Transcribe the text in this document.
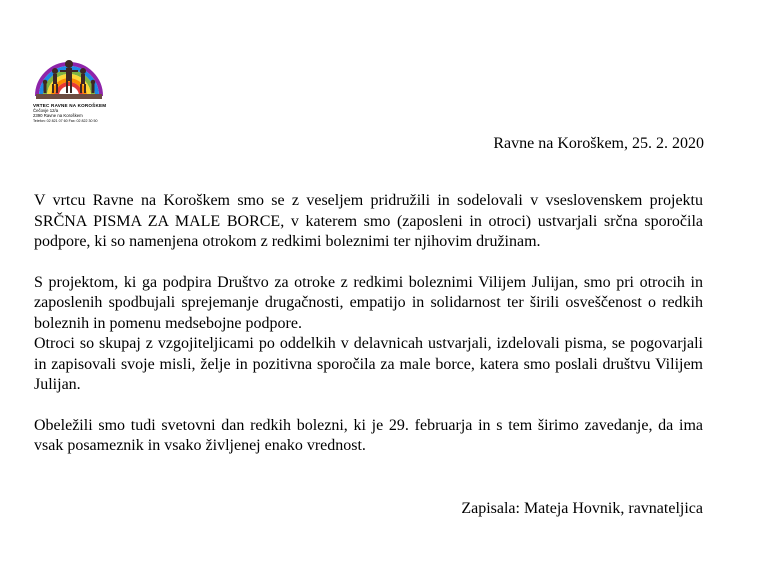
VRTEC RAVNE NA KOROŠKEM
Čečovje 12/a
2390 Ravne na Koroškem
Telefon: 02 821 07 60 Fax: 02 822 30 50
Ravne na Koroškem, 25. 2. 2020

V vrtcu Ravne na Koroškem smo se z veseljem pridružili in sodelovali v vseslovenskem projektu SRČNA PISMA ZA MALE BORCE, v katerem smo (zaposleni in otroci) ustvarjali srčna sporočila podpore, ki so namenjena otrokom z redkimi boleznimi ter njihovim družinam.

S projektom, ki ga podpira Društvo za otroke z redkimi boleznimi Vilijem Julijan, smo pri otrocih in zaposlenih spodbujali sprejemanje drugačnosti, empatijo in solidarnost ter širili osveščenost o redkih boleznih in pomenu medsebojne podpore.

Otroci so skupaj z vzgojiteljicami po oddelkih v delavnicah ustvarjali, izdelovali pisma, se pogovarjali in zapisovali svoje misli, želje in pozitivna sporočila za male borce, katera smo poslali društvu Vilijem Julijan.

Obeležili smo tudi svetovni dan redkih bolezni, ki je 29. februarja in s tem širimo zavedanje, da ima vsak posameznik in vsako življenej enako vrednost.

Zapisala: Mateja Hovnik, ravnateljica
